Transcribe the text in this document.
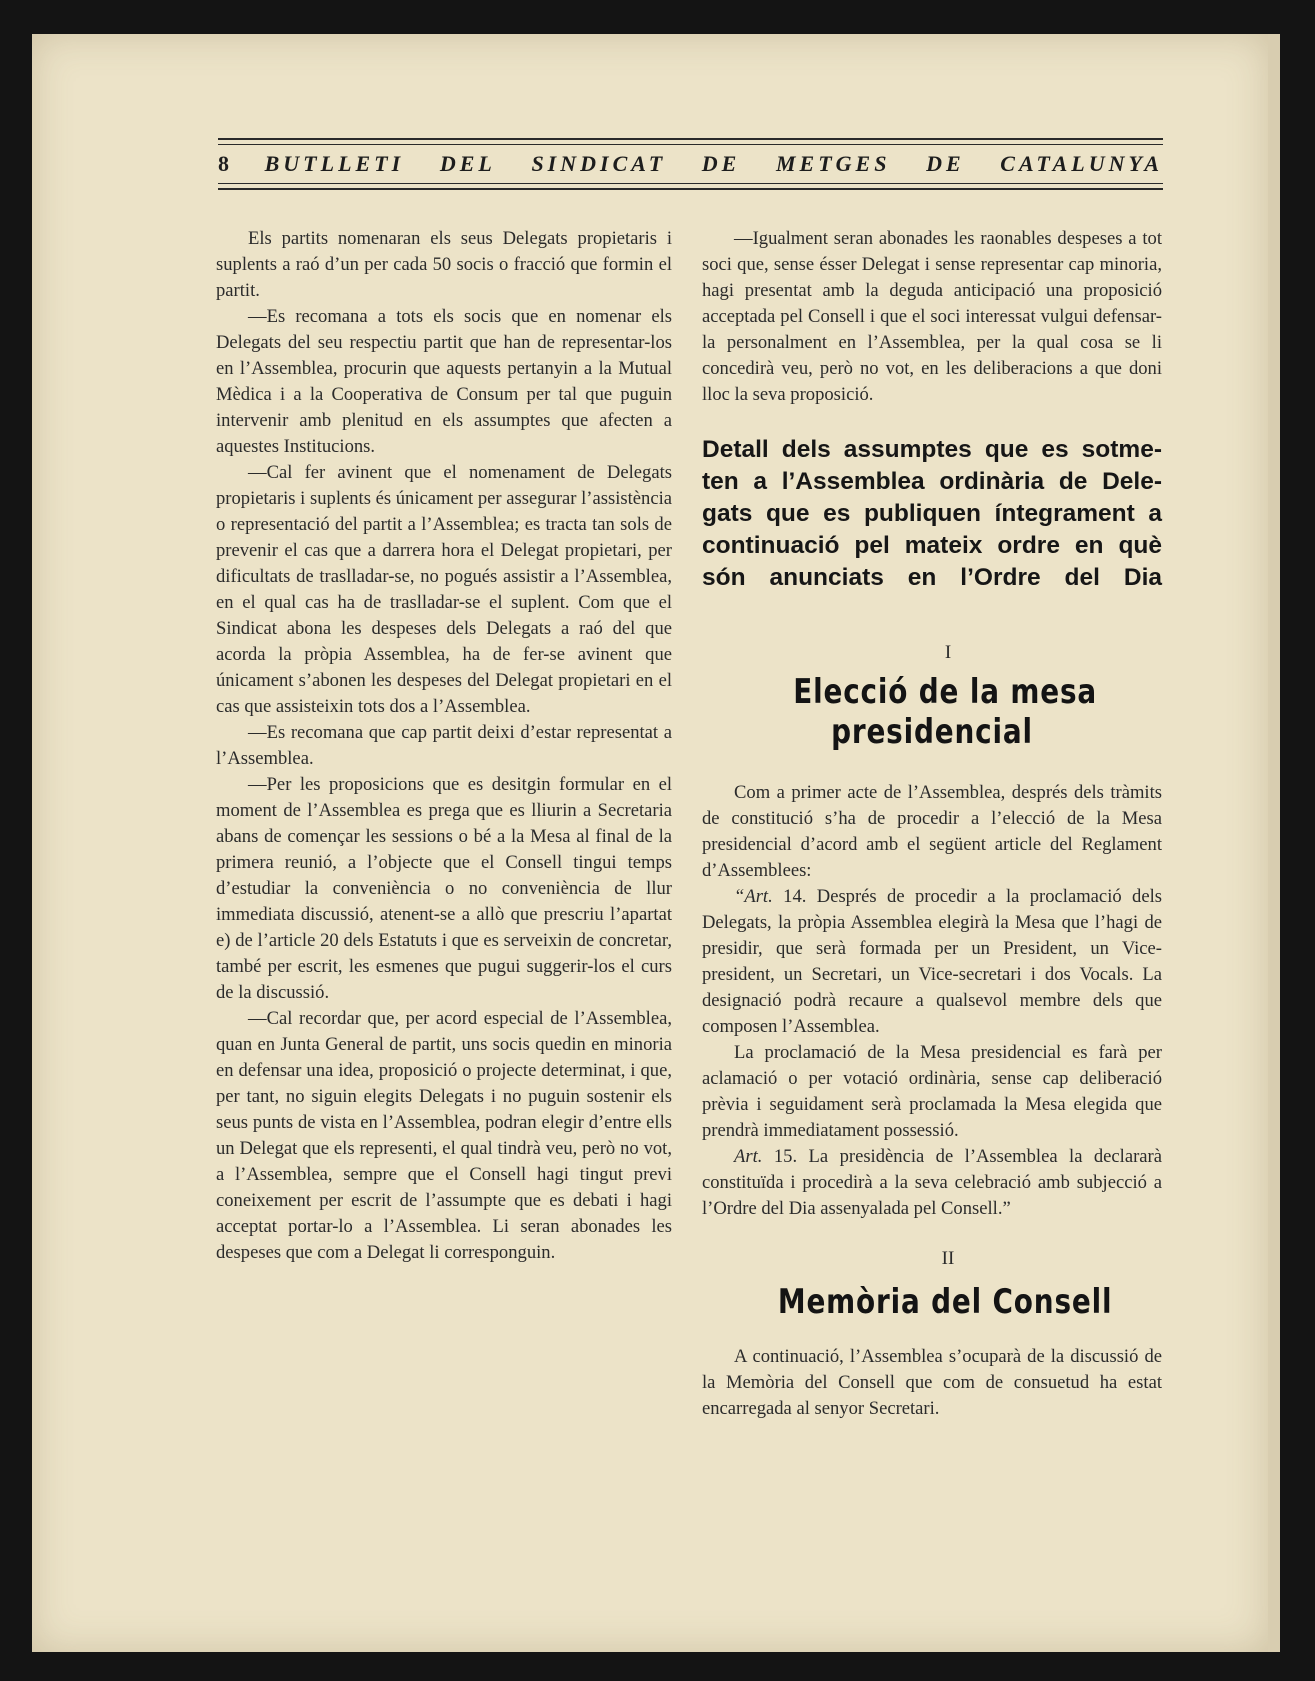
8 BUTLLETI DEL SINDICAT DE METGES DE CATALUNYA

Els partits nomenaran els seus Delegats propietaris i suplents a raó d’un per cada 50 socis o fracció que formin el partit.

—Es recomana a tots els socis que en nomenar els Delegats del seu respectiu partit que han de representar-los en l’Assemblea, procurin que aquests pertanyin a la Mutual Mèdica i a la Cooperativa de Consum per tal que puguin intervenir amb plenitud en els assumptes que afecten a aquestes Institucions.

—Cal fer avinent que el nomenament de Delegats propietaris i suplents és únicament per assegurar l’assistència o representació del partit a l’Assemblea; es tracta tan sols de prevenir el cas que a darrera hora el Delegat propietari, per dificultats de traslladar-se, no pogués assistir a l’Assemblea, en el qual cas ha de traslladar-se el suplent. Com que el Sindicat abona les despeses dels Delegats a raó del que acorda la pròpia Assemblea, ha de fer-se avinent que únicament s’abonen les despeses del Delegat propietari en el cas que assisteixin tots dos a l’Assemblea.

—Es recomana que cap partit deixi d’estar representat a l’Assemblea.

—Per les proposicions que es desitgin formular en el moment de l’Assemblea es prega que es lliurin a Secretaria abans de començar les sessions o bé a la Mesa al final de la primera reunió, a l’objecte que el Consell tingui temps d’estudiar la conveniència o no conveniència de llur immediata discussió, atenent-se a allò que prescriu l’apartat e) de l’article 20 dels Estatuts i que es serveixin de concretar, també per escrit, les esmenes que pugui suggerir-los el curs de la discussió.

—Cal recordar que, per acord especial de l’Assemblea, quan en Junta General de partit, uns socis quedin en minoria en defensar una idea, proposició o projecte determinat, i que, per tant, no siguin elegits Delegats i no puguin sostenir els seus punts de vista en l’Assemblea, podran elegir d’entre ells un Delegat que els representi, el qual tindrà veu, però no vot, a l’Assemblea, sempre que el Consell hagi tingut previ coneixement per escrit de l’assumpte que es debati i hagi acceptat portar-lo a l’Assemblea. Li seran abonades les despeses que com a Delegat li corresponguin.

—Igualment seran abonades les raonables despeses a tot soci que, sense ésser Delegat i sense representar cap minoria, hagi presentat amb la deguda anticipació una proposició acceptada pel Consell i que el soci interessat vulgui defensar-la personalment en l’Assemblea, per la qual cosa se li concedirà veu, però no vot, en les deliberacions a que doni lloc la seva proposició.

Detall dels assumptes que es sotme-
ten a l’Assemblea ordinària de Dele-
gats que es publiquen íntegrament a
continuació pel mateix ordre en què
són anunciats en l’Ordre del Dia

I

Elecció de la mesa presidencial

Com a primer acte de l’Assemblea, després dels tràmits de constitució s’ha de procedir a l’elecció de la Mesa presidencial d’acord amb el següent article del Reglament d’Assemblees:

“Art. 14. Després de procedir a la proclamació dels Delegats, la pròpia Assemblea elegirà la Mesa que l’hagi de presidir, que serà formada per un President, un Vice-president, un Secretari, un Vice-secretari i dos Vocals. La designació podrà recaure a qualsevol membre dels que composen l’Assemblea.

La proclamació de la Mesa presidencial es farà per aclamació o per votació ordinària, sense cap deliberació prèvia i seguidament serà proclamada la Mesa elegida que prendrà immediatament possessió.

Art. 15. La presidència de l’Assemblea la declararà constituïda i procedirà a la seva celebració amb subjecció a l’Ordre del Dia assenyalada pel Consell.”

II

Memòria del Consell

A continuació, l’Assemblea s’ocuparà de la discussió de la Memòria del Consell que com de consuetud ha estat encarregada al senyor Secretari.
